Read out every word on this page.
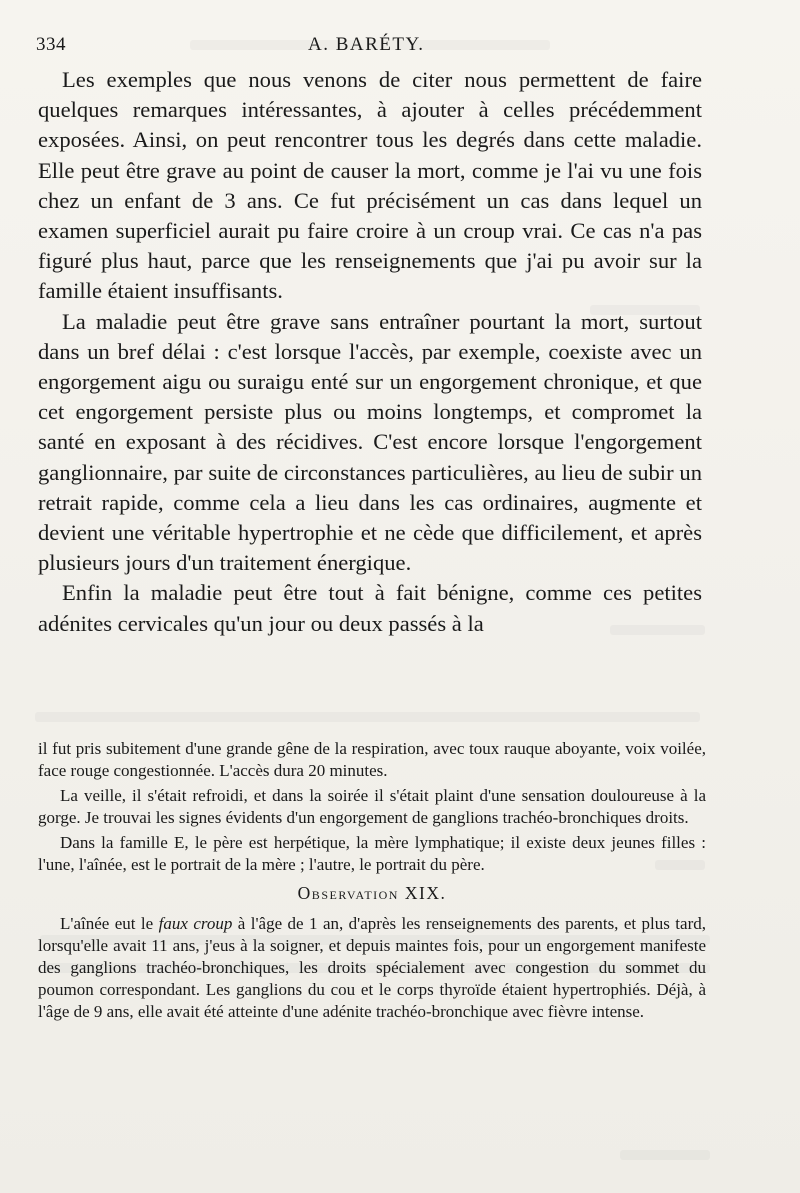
334	A. BARÉTY.

Les exemples que nous venons de citer nous permettent de faire quelques remarques intéressantes, à ajouter à celles précédemment exposées. Ainsi, on peut rencontrer tous les degrés dans cette maladie. Elle peut être grave au point de causer la mort, comme je l'ai vu une fois chez un enfant de 3 ans. Ce fut précisément un cas dans lequel un examen superficiel aurait pu faire croire à un croup vrai. Ce cas n'a pas figuré plus haut, parce que les renseignements que j'ai pu avoir sur la famille étaient insuffisants.

La maladie peut être grave sans entraîner pourtant la mort, surtout dans un bref délai : c'est lorsque l'accès, par exemple, coexiste avec un engorgement aigu ou suraigu enté sur un engorgement chronique, et que cet engorgement persiste plus ou moins longtemps, et compromet la santé en exposant à des récidives. C'est encore lorsque l'engorgement ganglionnaire, par suite de circonstances particulières, au lieu de subir un retrait rapide, comme cela a lieu dans les cas ordinaires, augmente et devient une véritable hypertrophie et ne cède que difficilement, et après plusieurs jours d'un traitement énergique.

Enfin la maladie peut être tout à fait bénigne, comme ces petites adénites cervicales qu'un jour ou deux passés à la

il fut pris subitement d'une grande gêne de la respiration, avec toux rauque aboyante, voix voilée, face rouge congestionnée. L'accès dura 20 minutes.

La veille, il s'était refroidi, et dans la soirée il s'était plaint d'une sensation douloureuse à la gorge. Je trouvai les signes évidents d'un engorgement de ganglions trachéo-bronchiques droits.

Dans la famille E, le père est herpétique, la mère lymphatique; il existe deux jeunes filles : l'une, l'aînée, est le portrait de la mère ; l'autre, le portrait du père.

Observation XIX.

L'aînée eut le faux croup à l'âge de 1 an, d'après les renseignements des parents, et plus tard, lorsqu'elle avait 11 ans, j'eus à la soigner, et depuis maintes fois, pour un engorgement manifeste des ganglions trachéo-bronchiques, les droits spécialement avec congestion du sommet du poumon correspondant. Les ganglions du cou et le corps thyroïde étaient hypertrophiés. Déjà, à l'âge de 9 ans, elle avait été atteinte d'une adénite trachéo-bronchique avec fièvre intense.
